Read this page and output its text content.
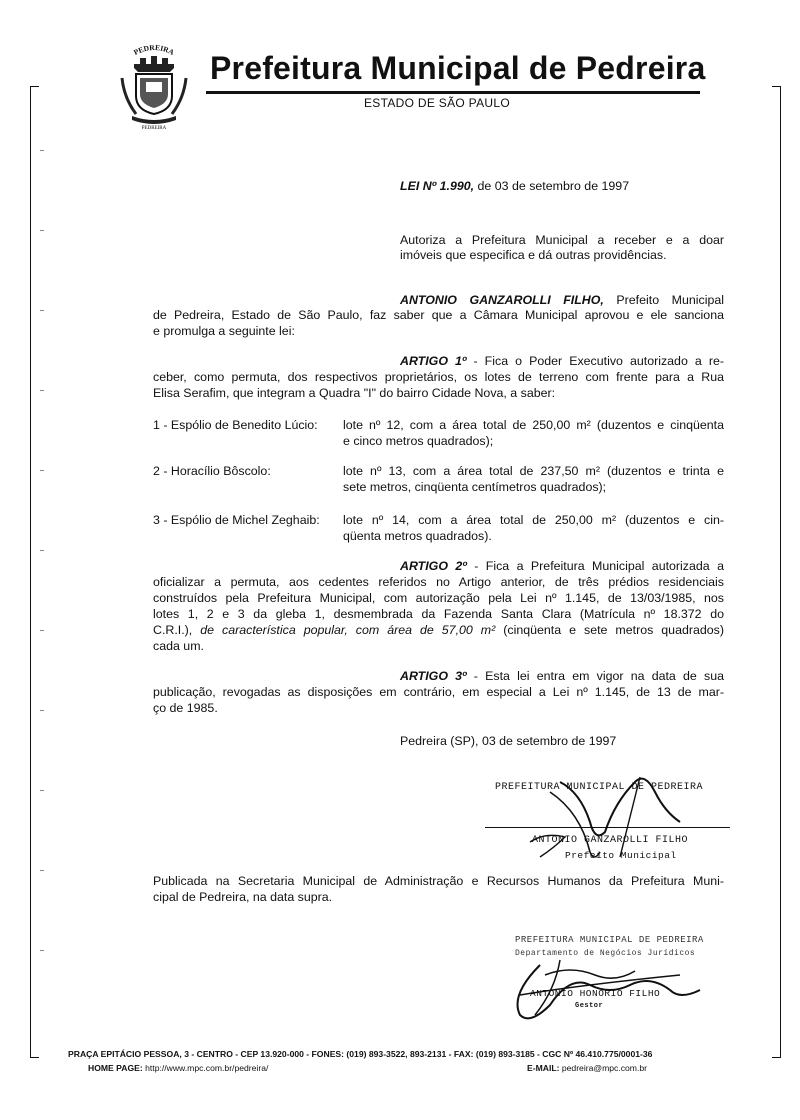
PEDREIRA
PEDREIRA
Prefeitura Municipal de Pedreira
ESTADO DE SÃO PAULO
LEI Nº 1.990, de 03 de setembro de 1997
Autoriza a Prefeitura Municipal a receber e a doar
imóveis que especifica e dá outras providências.
ANTONIO GANZAROLLI FILHO, Prefeito Municipal
de Pedreira, Estado de São Paulo, faz saber que a Câmara Municipal aprovou e ele sanciona
e promulga a seguinte lei:
ARTIGO 1º - Fica o Poder Executivo autorizado a re-
ceber, como permuta, dos respectivos proprietários, os lotes de terreno com frente para a Rua
Elisa Serafim, que integram a Quadra "I" do bairro Cidade Nova, a saber:
1 - Espólio de Benedito Lúcio: lote nº 12, com a área total de 250,00 m² (duzentos e cinqüenta
e cinco metros quadrados);
2 - Horacílio Bôscolo:	lote nº 13, com a área total de 237,50 m² (duzentos e trinta e
sete metros, cinqüenta centímetros quadrados);
3 - Espólio de Michel Zeghaib: lote nº 14, com a área total de 250,00 m² (duzentos e cin-
qüenta metros quadrados).
ARTIGO 2º - Fica a Prefeitura Municipal autorizada a
oficializar a permuta, aos cedentes referidos no Artigo anterior, de três prédios residenciais
construídos pela Prefeitura Municipal, com autorização pela Lei nº 1.145, de 13/03/1985, nos
lotes 1, 2 e 3 da gleba 1, desmembrada da Fazenda Santa Clara (Matrícula nº 18.372 do
C.R.I.), de característica popular, com área de 57,00 m² (cinqüenta e sete metros quadrados)
cada um.
ARTIGO 3º - Esta lei entra em vigor na data de sua
publicação, revogadas as disposições em contrário, em especial a Lei nº 1.145, de 13 de mar-
ço de 1985.
Pedreira (SP), 03 de setembro de 1997
PREFEITURA MUNICIPAL DE PEDREIRA
ANTONIO GANZAROLLI FILHO
Prefeito Municipal
Publicada na Secretaria Municipal de Administração e Recursos Humanos da Prefeitura Muni-
cipal de Pedreira, na data supra.
PREFEITURA MUNICIPAL DE PEDREIRA
Departamento de Negócios Jurídicos
ANTONIO HONÓRIO FILHO
Gestor
PRAÇA EPITÁCIO PESSOA, 3 - CENTRO - CEP 13.920-000 - FONES: (019) 893-3522, 893-2131 - FAX: (019) 893-3185 - CGC Nº 46.410.775/0001-36
HOME PAGE: http://www.mpc.com.br/pedreira/	E-MAIL: pedreira@mpc.com.br
